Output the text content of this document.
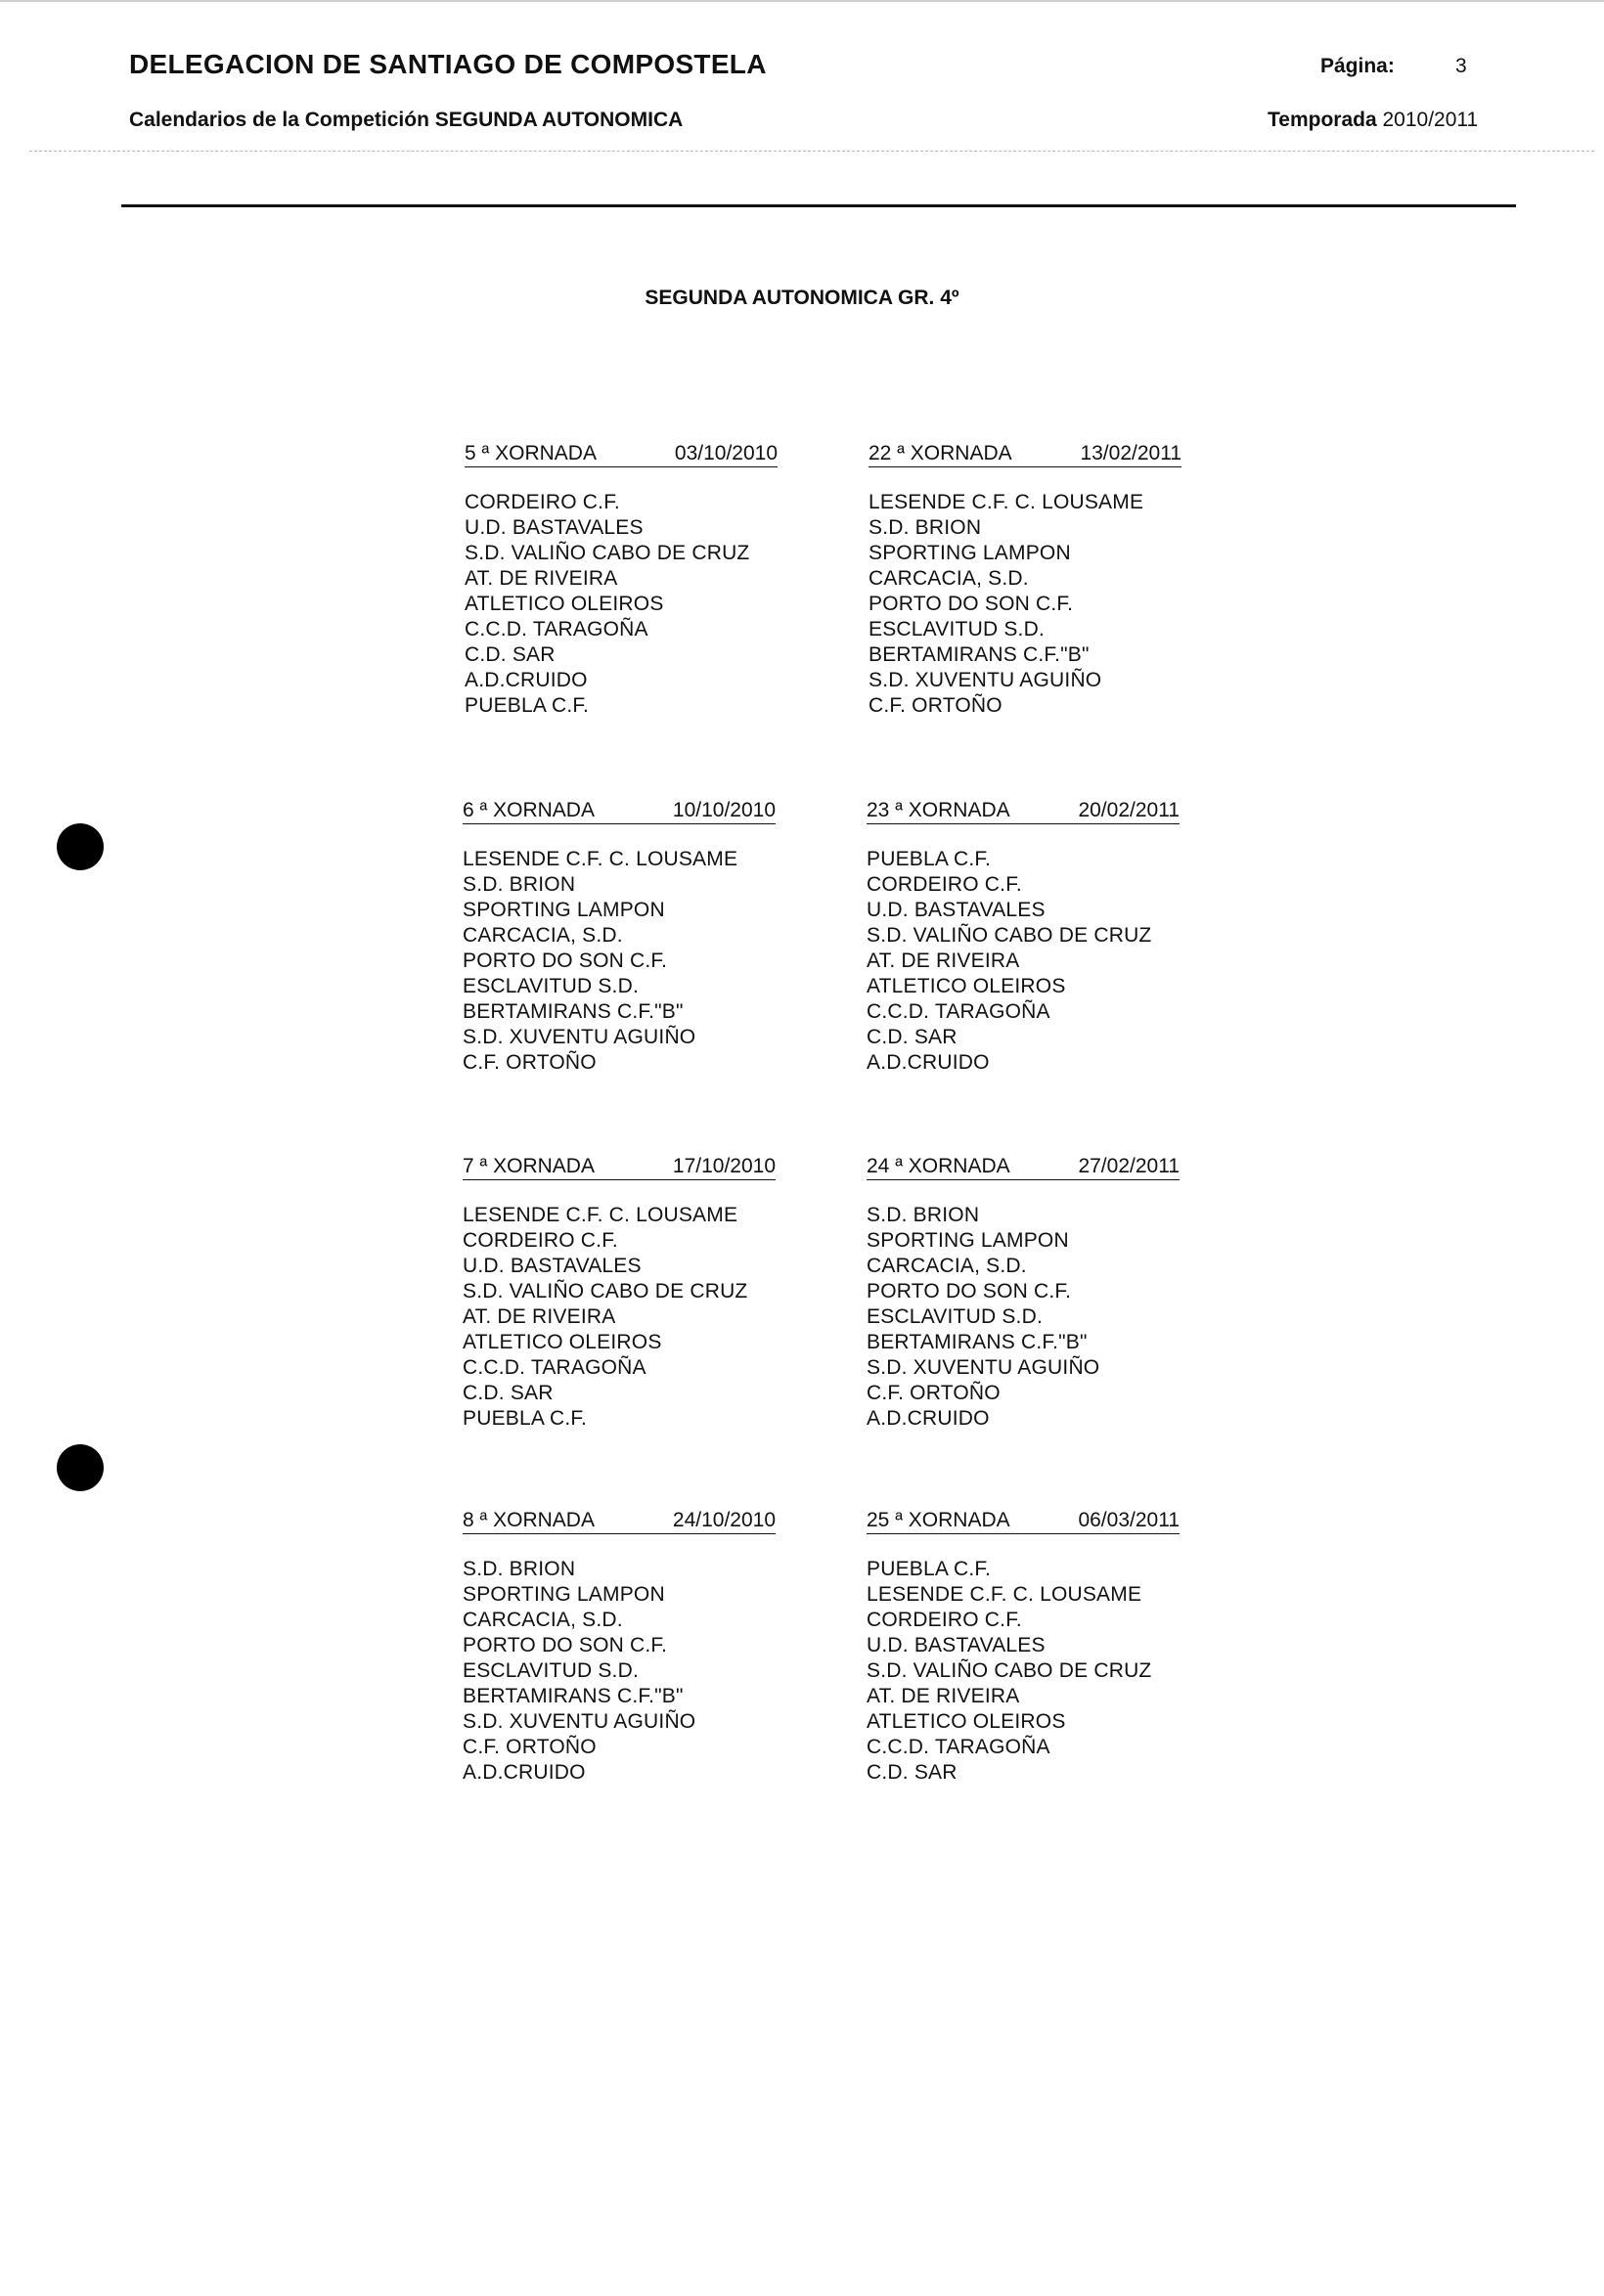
DELEGACION DE SANTIAGO DE COMPOSTELA	Página:	3
Calendarios de la Competición SEGUNDA AUTONOMICA	Temporada 2010/2011
SEGUNDA AUTONOMICA GR. 4º
5 ª XORNADA	03/10/2010
CORDEIRO C.F.
U.D. BASTAVALES
S.D. VALIÑO CABO DE CRUZ
AT. DE RIVEIRA
ATLETICO OLEIROS
C.C.D. TARAGOÑA
C.D. SAR
A.D.CRUIDO
PUEBLA C.F.
22 ª XORNADA	13/02/2011
LESENDE C.F. C. LOUSAME
S.D. BRION
SPORTING LAMPON
CARCACIA, S.D.
PORTO DO SON C.F.
ESCLAVITUD S.D.
BERTAMIRANS C.F."B"
S.D. XUVENTU AGUIÑO
C.F. ORTOÑO
6 ª XORNADA	10/10/2010
LESENDE C.F. C. LOUSAME
S.D. BRION
SPORTING LAMPON
CARCACIA, S.D.
PORTO DO SON C.F.
ESCLAVITUD S.D.
BERTAMIRANS C.F."B"
S.D. XUVENTU AGUIÑO
C.F. ORTOÑO
23 ª XORNADA	20/02/2011
PUEBLA C.F.
CORDEIRO C.F.
U.D. BASTAVALES
S.D. VALIÑO CABO DE CRUZ
AT. DE RIVEIRA
ATLETICO OLEIROS
C.C.D. TARAGOÑA
C.D. SAR
A.D.CRUIDO
7 ª XORNADA	17/10/2010
LESENDE C.F. C. LOUSAME
CORDEIRO C.F.
U.D. BASTAVALES
S.D. VALIÑO CABO DE CRUZ
AT. DE RIVEIRA
ATLETICO OLEIROS
C.C.D. TARAGOÑA
C.D. SAR
PUEBLA C.F.
24 ª XORNADA	27/02/2011
S.D. BRION
SPORTING LAMPON
CARCACIA, S.D.
PORTO DO SON C.F.
ESCLAVITUD S.D.
BERTAMIRANS C.F."B"
S.D. XUVENTU AGUIÑO
C.F. ORTOÑO
A.D.CRUIDO
8 ª XORNADA	24/10/2010
S.D. BRION
SPORTING LAMPON
CARCACIA, S.D.
PORTO DO SON C.F.
ESCLAVITUD S.D.
BERTAMIRANS C.F."B"
S.D. XUVENTU AGUIÑO
C.F. ORTOÑO
A.D.CRUIDO
25 ª XORNADA	06/03/2011
PUEBLA C.F.
LESENDE C.F. C. LOUSAME
CORDEIRO C.F.
U.D. BASTAVALES
S.D. VALIÑO CABO DE CRUZ
AT. DE RIVEIRA
ATLETICO OLEIROS
C.C.D. TARAGOÑA
C.D. SAR
